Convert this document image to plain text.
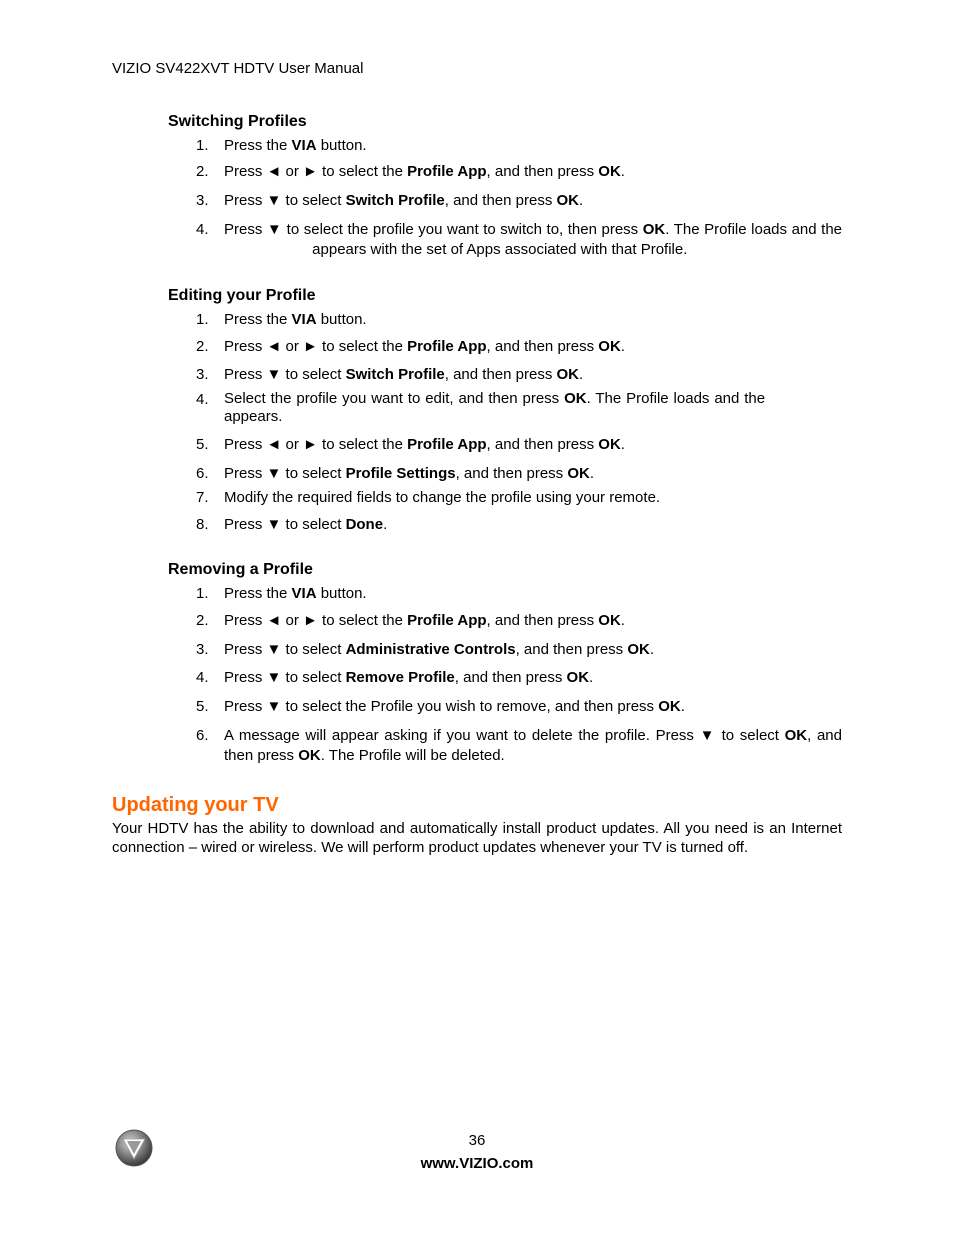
VIZIO SV422XVT HDTV User Manual
Switching Profiles
1. Press the VIA button.
2. Press ◄ or ► to select the Profile App, and then press OK.
3. Press ▼ to select Switch Profile, and then press OK.
4. Press ▼ to select the profile you want to switch to, then press OK. The Profile loads and the  appears with the set of Apps associated with that Profile.
Editing your Profile
1. Press the VIA button.
2. Press ◄ or ► to select the Profile App, and then press OK.
3. Press ▼ to select Switch Profile, and then press OK.
4. Select the profile you want to edit, and then press OK. The Profile loads and the  appears.
5. Press ◄ or ► to select the Profile App, and then press OK.
6. Press ▼ to select Profile Settings, and then press OK.
7. Modify the required fields to change the profile using your remote.
8. Press ▼ to select Done.
Removing a Profile
1. Press the VIA button.
2. Press ◄ or ► to select the Profile App, and then press OK.
3. Press ▼ to select Administrative Controls, and then press OK.
4. Press ▼ to select Remove Profile, and then press OK.
5. Press ▼ to select the Profile you wish to remove, and then press OK.
6. A message will appear asking if you want to delete the profile. Press ▼ to select OK, and then press OK. The Profile will be deleted.
Updating your TV
Your HDTV has the ability to download and automatically install product updates. All you need is an Internet connection – wired or wireless. We will perform product updates whenever your TV is turned off.
36
www.VIZIO.com
